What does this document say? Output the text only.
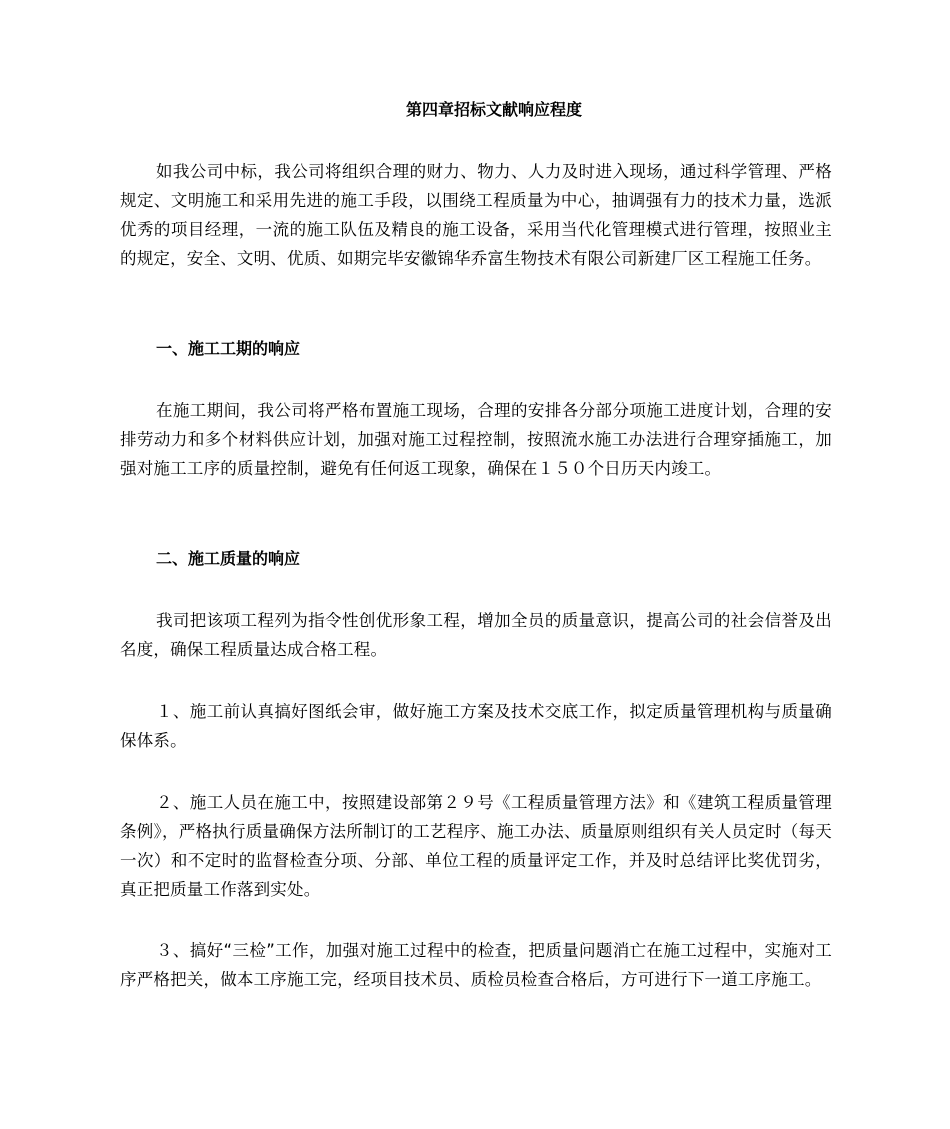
第四章招标文献响应程度

如我公司中标，我公司将组织合理的财力、物力、人力及时进入现场，通过科学管理、严格规定、文明施工和采用先进的施工手段，以围绕工程质量为中心，抽调强有力的技术力量，选派优秀的项目经理，一流的施工队伍及精良的施工设备，采用当代化管理模式进行管理，按照业主的规定，安全、文明、优质、如期完毕安徽锦华乔富生物技术有限公司新建厂区工程施工任务。

一、施工工期的响应

在施工期间，我公司将严格布置施工现场，合理的安排各分部分项施工进度计划，合理的安排劳动力和多个材料供应计划，加强对施工过程控制，按照流水施工办法进行合理穿插施工，加强对施工工序的质量控制，避免有任何返工现象，确保在１５０个日历天内竣工。

二、施工质量的响应

我司把该项工程列为指令性创优形象工程，增加全员的质量意识，提高公司的社会信誉及出名度，确保工程质量达成合格工程。

１、施工前认真搞好图纸会审，做好施工方案及技术交底工作，拟定质量管理机构与质量确保体系。

２、施工人员在施工中，按照建设部第２９号《工程质量管理方法》和《建筑工程质量管理条例》，严格执行质量确保方法所制订的工艺程序、施工办法、质量原则组织有关人员定时（每天一次）和不定时的监督检查分项、分部、单位工程的质量评定工作，并及时总结评比奖优罚劣，真正把质量工作落到实处。

３、搞好“三检”工作，加强对施工过程中的检查，把质量问题消亡在施工过程中，实施对工序严格把关，做本工序施工完，经项目技术员、质检员检查合格后，方可进行下一道工序施工。
